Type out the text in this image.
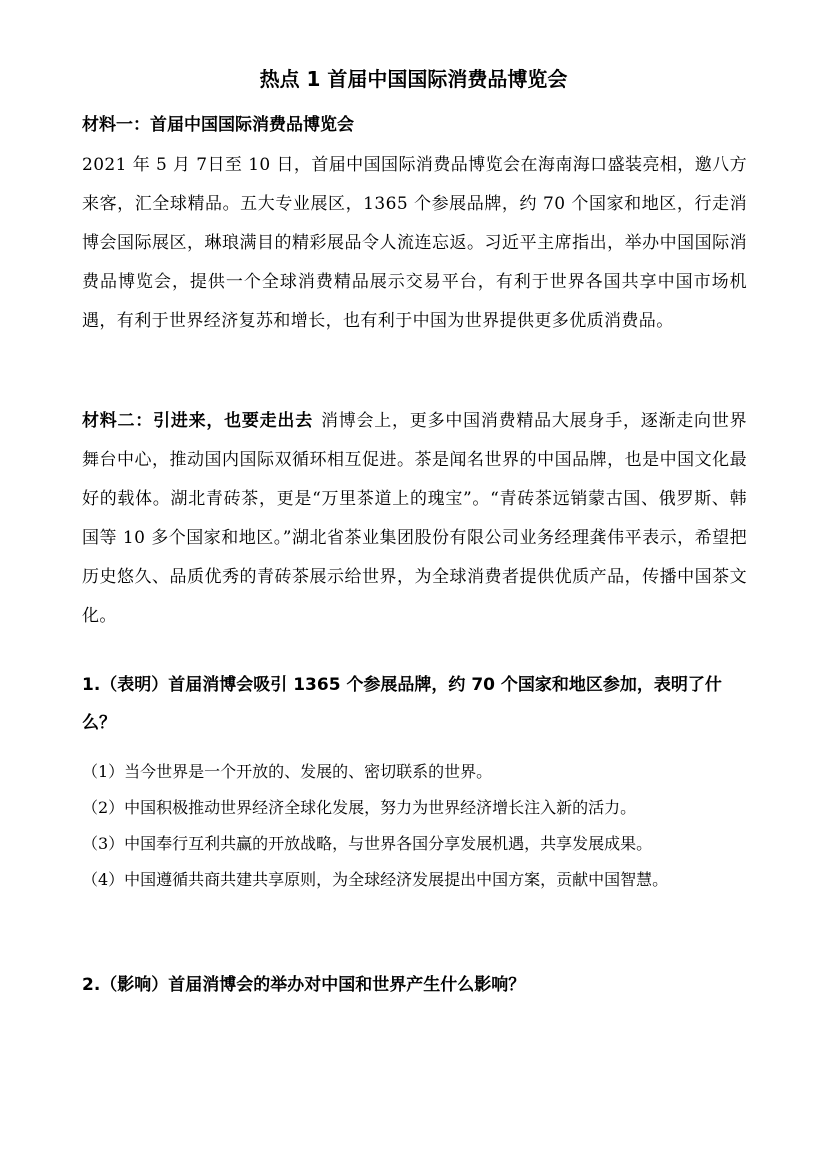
热点 1 首届中国国际消费品博览会
材料一：首届中国国际消费品博览会
2021 年 5 月 7日至 10 日，首届中国国际消费品博览会在海南海口盛装亮相，邀八方来客，汇全球精品。五大专业展区，1365 个参展品牌，约 70 个国家和地区，行走消博会国际展区，琳琅满目的精彩展品令人流连忘返。习近平主席指出，举办中国国际消费品博览会，提供一个全球消费精品展示交易平台，有利于世界各国共享中国市场机遇，有利于世界经济复苏和增长，也有利于中国为世界提供更多优质消费品。
材料二：引进来，也要走出去 消博会上，更多中国消费精品大展身手，逐渐走向世界舞台中心，推动国内国际双循环相互促进。茶是闻名世界的中国品牌，也是中国文化最好的载体。湖北青砖茶，更是“万里茶道上的瑰宝”。“青砖茶远销蒙古国、俄罗斯、韩国等 10 多个国家和地区。”湖北省茶业集团股份有限公司业务经理龚伟平表示，希望把历史悠久、品质优秀的青砖茶展示给世界，为全球消费者提供优质产品，传播中国茶文化。
1.（表明）首届消博会吸引 1365 个参展品牌，约 70 个国家和地区参加，表明了什么？

（1）当今世界是一个开放的、发展的、密切联系的世界。

（2）中国积极推动世界经济全球化发展，努力为世界经济增长注入新的活力。

（3）中国奉行互利共赢的开放战略，与世界各国分享发展机遇，共享发展成果。

（4）中国遵循共商共建共享原则，为全球经济发展提出中国方案，贡献中国智慧。

2.（影响）首届消博会的举办对中国和世界产生什么影响？
